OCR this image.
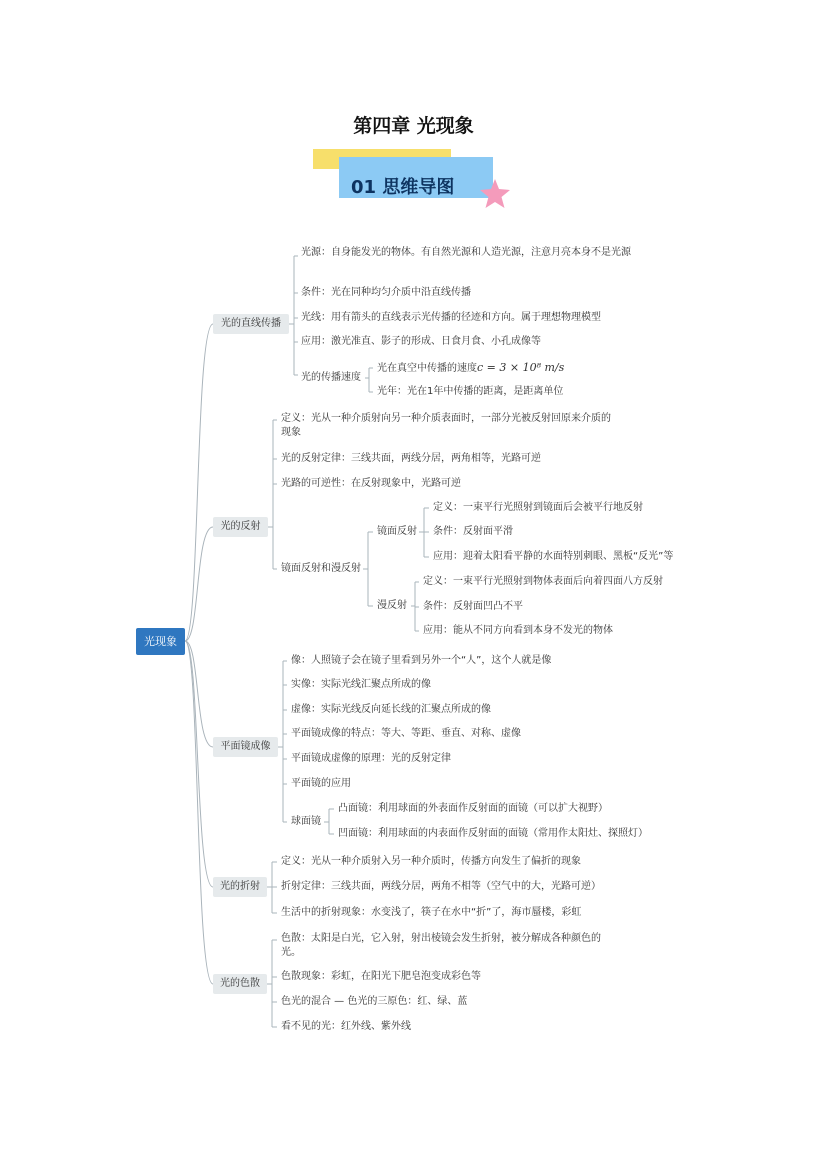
第四章 光现象
01 思维导图
光现象
光的直线传播
光源：自身能发光的物体。有自然光源和人造光源，注意月亮本身不是光源
条件：光在同种均匀介质中沿直线传播
光线：用有箭头的直线表示光传播的径迹和方向。属于理想物理模型
应用：激光准直、影子的形成、日食月食、小孔成像等
光的传播速度
光在真空中传播的速度c = 3 × 10⁸ m/s
光年：光在1年中传播的距离，是距离单位
光的反射
定义：光从一种介质射向另一种介质表面时，一部分光被反射回原来介质的现象
光的反射定律：三线共面，两线分居，两角相等，光路可逆
光路的可逆性：在反射现象中，光路可逆
镜面反射和漫反射
镜面反射
定义：一束平行光照射到镜面后会被平行地反射
条件：反射面平滑
应用：迎着太阳看平静的水面特别刺眼、黑板“反光”等
漫反射
定义：一束平行光照射到物体表面后向着四面八方反射
条件：反射面凹凸不平
应用：能从不同方向看到本身不发光的物体
平面镜成像
像：人照镜子会在镜子里看到另外一个“人”，这个人就是像
实像：实际光线汇聚点所成的像
虚像：实际光线反向延长线的汇聚点所成的像
平面镜成像的特点：等大、等距、垂直、对称、虚像
平面镜成虚像的原理：光的反射定律
平面镜的应用
球面镜
凸面镜：利用球面的外表面作反射面的面镜（可以扩大视野）
凹面镜：利用球面的内表面作反射面的面镜（常用作太阳灶、探照灯）
光的折射
定义：光从一种介质射入另一种介质时，传播方向发生了偏折的现象
折射定律：三线共面，两线分居，两角不相等（空气中的大，光路可逆）
生活中的折射现象：水变浅了，筷子在水中“折”了，海市蜃楼，彩虹
光的色散
色散：太阳是白光，它入射，射出棱镜会发生折射，被分解成各种颜色的光。
色散现象：彩虹，在阳光下肥皂泡变成彩色等
色光的混合 — 色光的三原色：红、绿、蓝
看不见的光：红外线、紫外线
